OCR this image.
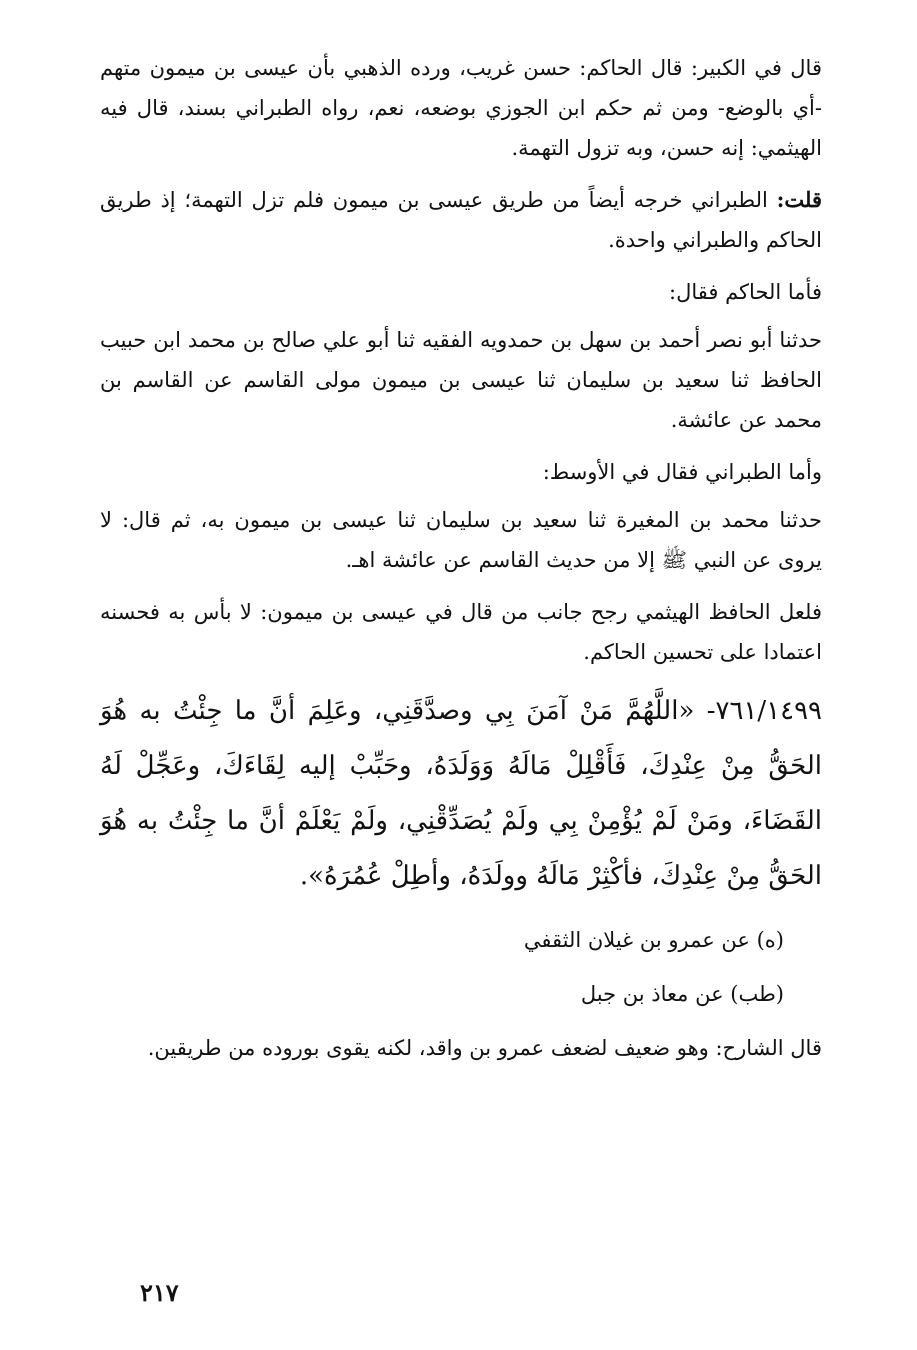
قال في الكبير: قال الحاكم: حسن غريب، ورده الذهبي بأن عيسى بن ميمون متهم -أي بالوضع- ومن ثم حكم ابن الجوزي بوضعه، نعم، رواه الطبراني بسند، قال فيه الهيثمي: إنه حسن، وبه تزول التهمة.

قلت: الطبراني خرجه أيضاً من طريق عيسى بن ميمون فلم تزل التهمة؛ إذ طريق الحاكم والطبراني واحدة.

فأما الحاكم فقال:

حدثنا أبو نصر أحمد بن سهل بن حمدويه الفقيه ثنا أبو علي صالح بن محمد ابن حبيب الحافظ ثنا سعيد بن سليمان ثنا عيسى بن ميمون مولى القاسم عن القاسم بن محمد عن عائشة.

وأما الطبراني فقال في الأوسط:

حدثنا محمد بن المغيرة ثنا سعيد بن سليمان ثنا عيسى بن ميمون به، ثم قال: لا يروى عن النبي ﷺ إلا من حديث القاسم عن عائشة اهـ.

فلعل الحافظ الهيثمي رجح جانب من قال في عيسى بن ميمون: لا بأس به فحسنه اعتمادا على تحسين الحاكم.

٧٦١/١٤٩٩- «اللَّهُمَّ مَنْ آمَنَ بِي وصدَّقَنِي، وعَلِمَ أنَّ ما جِئْتُ به هُوَ الحَقُّ مِنْ عِنْدِكَ، فَأَقْلِلْ مَالَهُ وَوَلَدَهُ، وحَبِّبْ إليه لِقَاءَكَ، وعَجِّلْ لَهُ القَضَاءَ، ومَنْ لَمْ يُؤْمِنْ بِي ولَمْ يُصَدِّقْنِي، ولَمْ يَعْلَمْ أنَّ ما جِئْتُ به هُوَ الحَقُّ مِنْ عِنْدِكَ، فأكْثِرْ مَالَهُ وولَدَهُ، وأطِلْ عُمُرَهُ».

(ه) عن عمرو بن غيلان الثقفي

(طب) عن معاذ بن جبل

قال الشارح: وهو ضعيف لضعف عمرو بن واقد، لكنه يقوى بوروده من طريقين.

٢١٧
